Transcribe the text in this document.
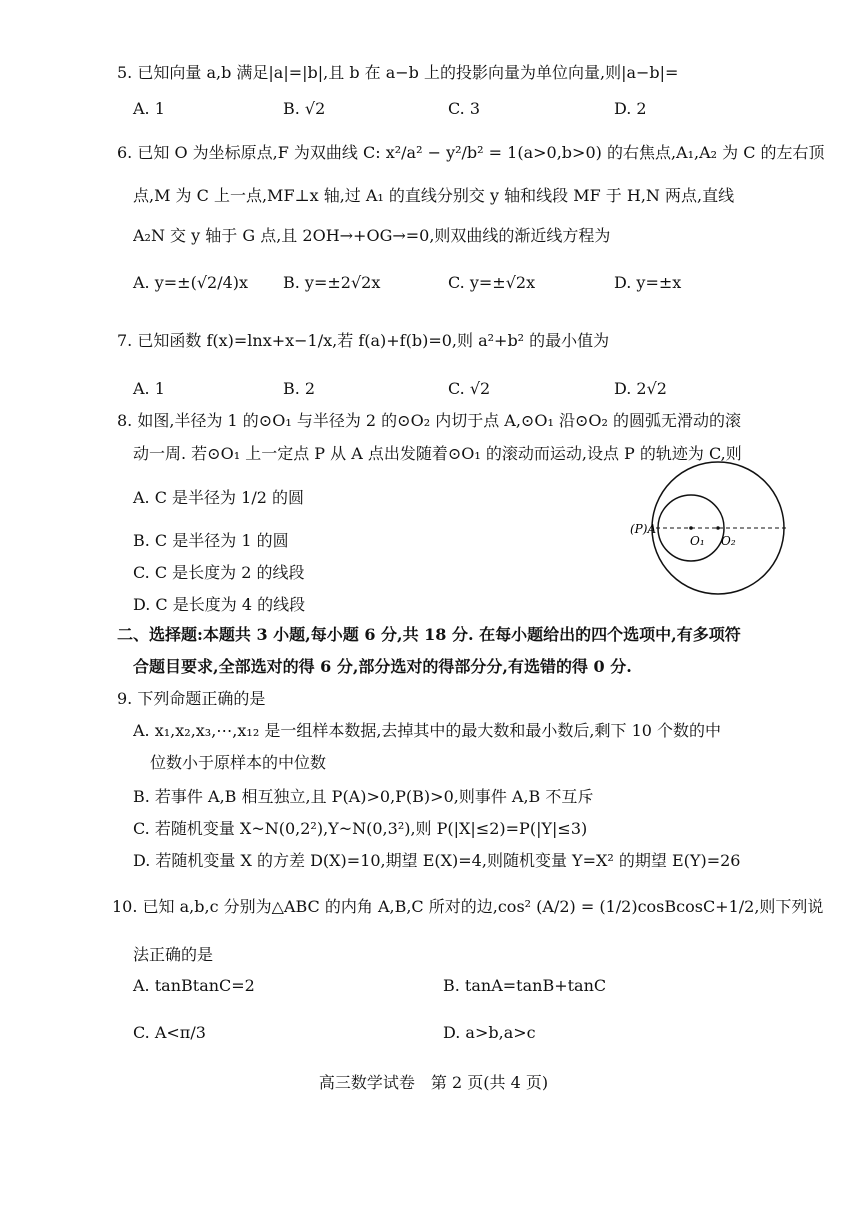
5. 已知向量 a,b 满足|a|=|b|,且 b 在 a−b 上的投影向量为单位向量,则|a−b|=
A. 1	B. √2	C. 3	D. 2
6. 已知 O 为坐标原点,F 为双曲线 C: x²/a² − y²/b² = 1(a>0,b>0) 的右焦点,A₁,A₂ 为 C 的左右顶
点,M 为 C 上一点,MF⊥x 轴,过 A₁ 的直线分别交 y 轴和线段 MF 于 H,N 两点,直线
A₂N 交 y 轴于 G 点,且 2OH→+OG→=0,则双曲线的渐近线方程为
A. y=±(√2/4)x B. y=±2√2x	C. y=±√2x	D. y=±x
7. 已知函数 f(x)=lnx+x−1/x,若 f(a)+f(b)=0,则 a²+b² 的最小值为
A. 1	B. 2	C. √2	D. 2√2
8. 如图,半径为 1 的⊙O₁ 与半径为 2 的⊙O₂ 内切于点 A,⊙O₁ 沿⊙O₂ 的圆弧无滑动的滚
动一周. 若⊙O₁ 上一定点 P 从 A 点出发随着⊙O₁ 的滚动而运动,设点 P 的轨迹为 C,则
A. C 是半径为 1/2 的圆
B. C 是半径为 1 的圆
C. C 是长度为 2 的线段
D. C 是长度为 4 的线段
(P)A
O₁ O₂
二、选择题:本题共 3 小题,每小题 6 分,共 18 分. 在每小题给出的四个选项中,有多项符
合题目要求,全部选对的得 6 分,部分选对的得部分分,有选错的得 0 分.
9. 下列命题正确的是
A. x₁,x₂,x₃,⋯,x₁₂ 是一组样本数据,去掉其中的最大数和最小数后,剩下 10 个数的中
位数小于原样本的中位数
B. 若事件 A,B 相互独立,且 P(A)>0,P(B)>0,则事件 A,B 不互斥
C. 若随机变量 X~N(0,2²),Y~N(0,3²),则 P(|X|≤2)=P(|Y|≤3)
D. 若随机变量 X 的方差 D(X)=10,期望 E(X)=4,则随机变量 Y=X² 的期望 E(Y)=26
10. 已知 a,b,c 分别为△ABC 的内角 A,B,C 所对的边,cos² (A/2) = (1/2)cosBcosC+1/2,则下列说
法正确的是
A. tanBtanC=2	B. tanA=tanB+tanC
C. A<π/3	D. a>b,a>c
高三数学试卷　第 2 页(共 4 页)
